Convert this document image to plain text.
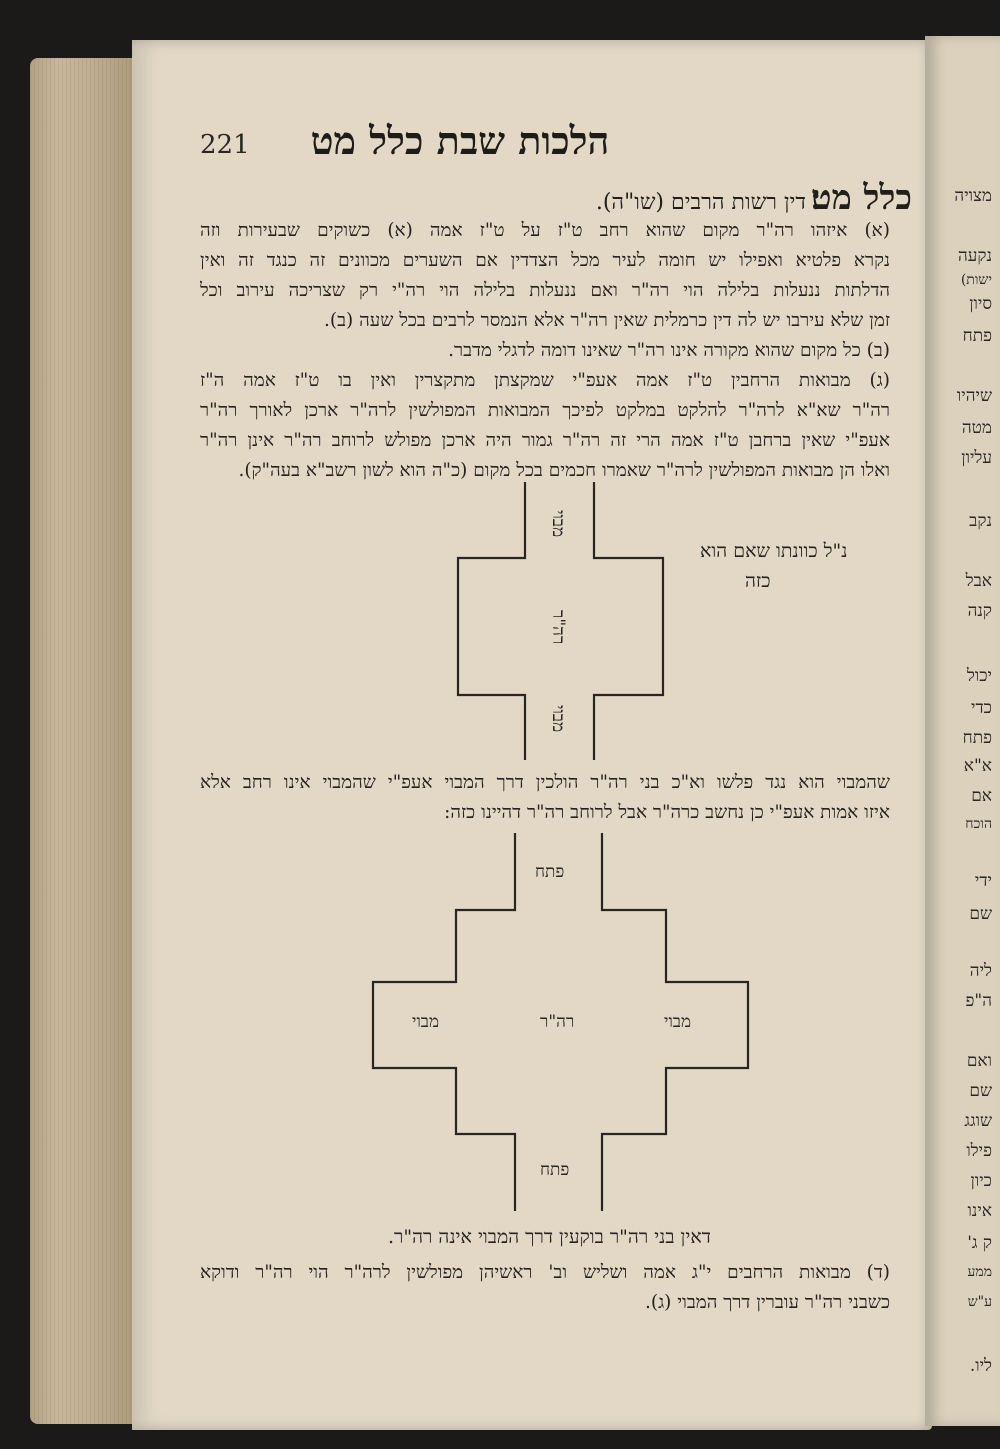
מצויה
נקעה
ישות)
סיון
פתח
שיהיו
מטה
עליון
נקב
אבל
קנה
יכול
כדי
פתח
א"א
אם
הוכח
ידי
שם
ליה
ה"פ
ואם
שם
שוגג
פילו
כיון
אינו
ק ג'
ממע
ע"ש
ליו.
221	הלכות שבת כלל מט
כלל מט׃ דין רשות הרבים (שו"ה).
(א) איזהו רה"ר מקום שהוא רחב ט"ז על ט"ז אמה (א) כשוקים שבעירות וזה
נקרא פלטיא ואפילו יש חומה לעיר מכל הצדדין אם השערים מכוונים זה כנגד זה ואין
הדלתות ננעלות בלילה הוי רה"ר ואם ננעלות בלילה הוי רה"י רק שצריכה עירוב וכל
זמן שלא עירבו יש לה דין כרמלית שאין רה"ר אלא הנמסר לרבים בכל שעה (ב).
(ב) כל מקום שהוא מקורה אינו רה"ר שאינו דומה לדגלי מדבר.
(ג) מבואות הרחבין ט"ז אמה אעפ"י שמקצתן מתקצרין ואין בו ט"ז אמה ה"ז
רה"ר שא"א לרה"ר להלקט במלקט לפיכך המבואות המפולשין לרה"ר ארכן לאורך רה"ר
אעפ"י שאין ברחבן ט"ז אמה הרי זה רה"ר גמור היה ארכן מפולש לרוחב רה"ר אינן רה"ר
ואלו הן מבואות המפולשין לרה"ר שאמרו חכמים בכל מקום (כ"ה הוא לשון רשב"א בעה"ק).
נ"ל כוונתו שאם הוא
כזה
מבוי
רה"ר
מבוי
שהמבוי הוא נגד פלשו וא"כ בני רה"ר הולכין דרך המבוי אעפ"י שהמבוי אינו רחב אלא
איזו אמות אעפ"י כן נחשב כרה"ר אבל לרוחב רה"ר דהיינו כזה:
פתח
מבוי	רה"ר	מבוי
פתח
דאין בני רה"ר בוקעין דרך המבוי אינה רה"ר.
(ד) מבואות הרחבים י"ג אמה ושליש וב' ראשיהן מפולשין לרה"ר הוי רה"ר ודוקא
כשבני רה"ר עוברין דרך המבוי (ג).
